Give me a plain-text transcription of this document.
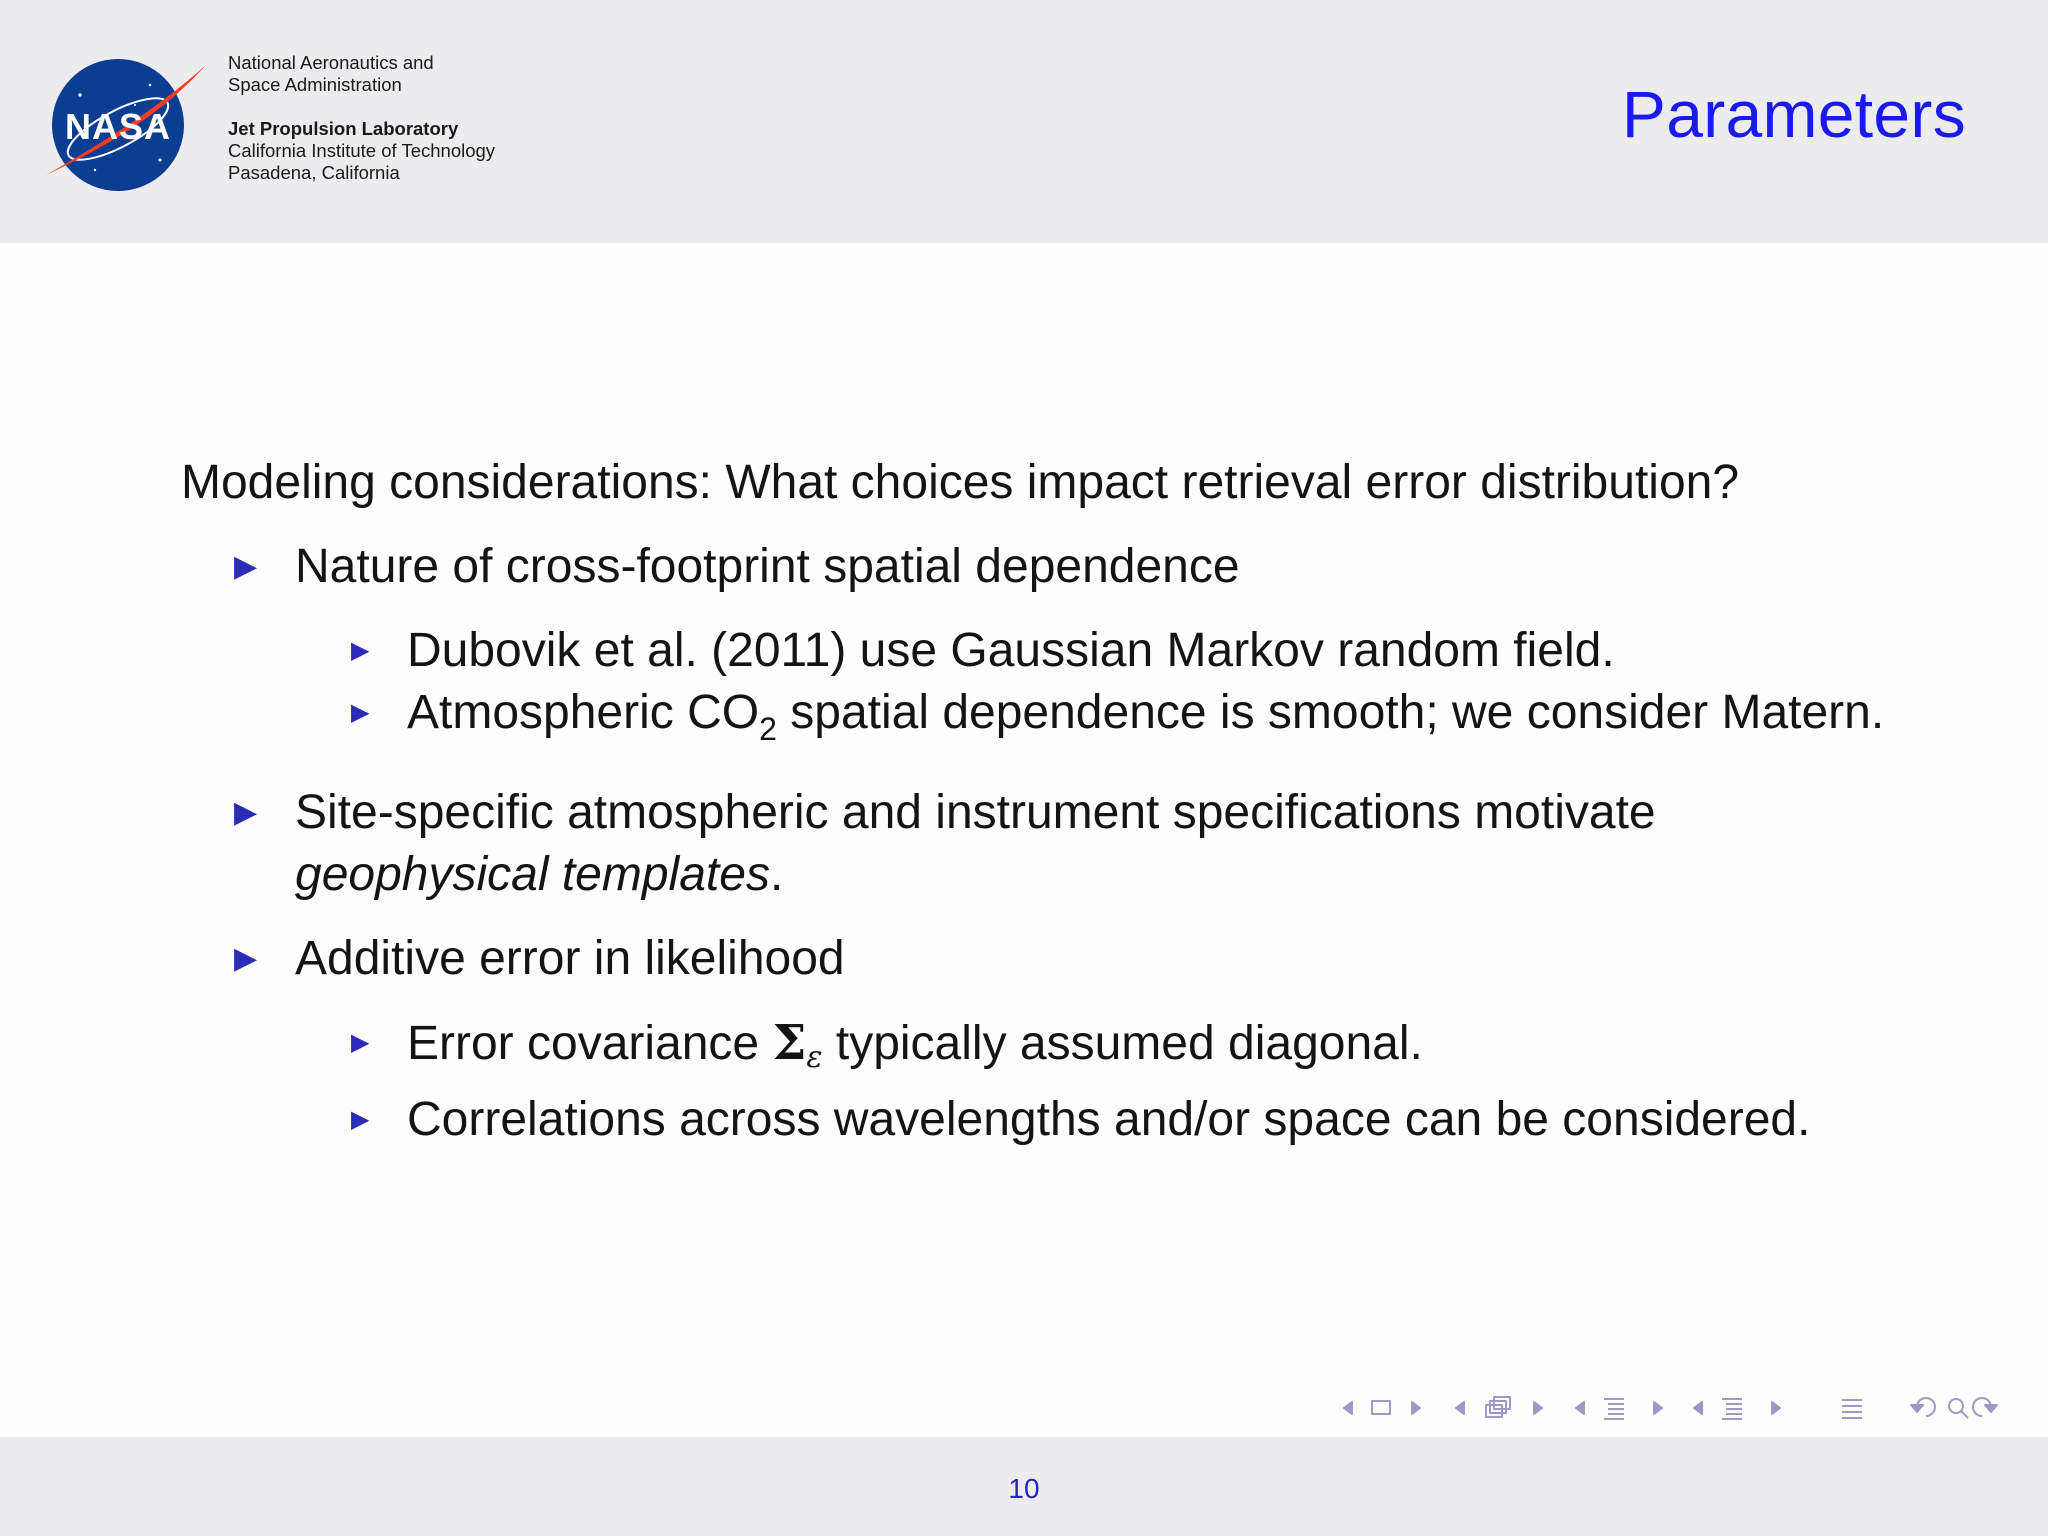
NASA
National Aeronautics and
Space Administration
Jet Propulsion Laboratory
California Institute of Technology
Pasadena, California
Parameters

Modeling considerations: What choices impact retrieval error distribution?

▶ Nature of cross-footprint spatial dependence
▶ Dubovik et al. (2011) use Gaussian Markov random field.
▶ Atmospheric $CO_2$ spatial dependence is smooth; we consider Matern.
▶ Site-specific atmospheric and instrument specifications motivate
geophysical templates.
▶ Additive error in likelihood
▶ Error covariance Σε typically assumed diagonal.
▶ Correlations across wavelengths and/or space can be considered.
10
